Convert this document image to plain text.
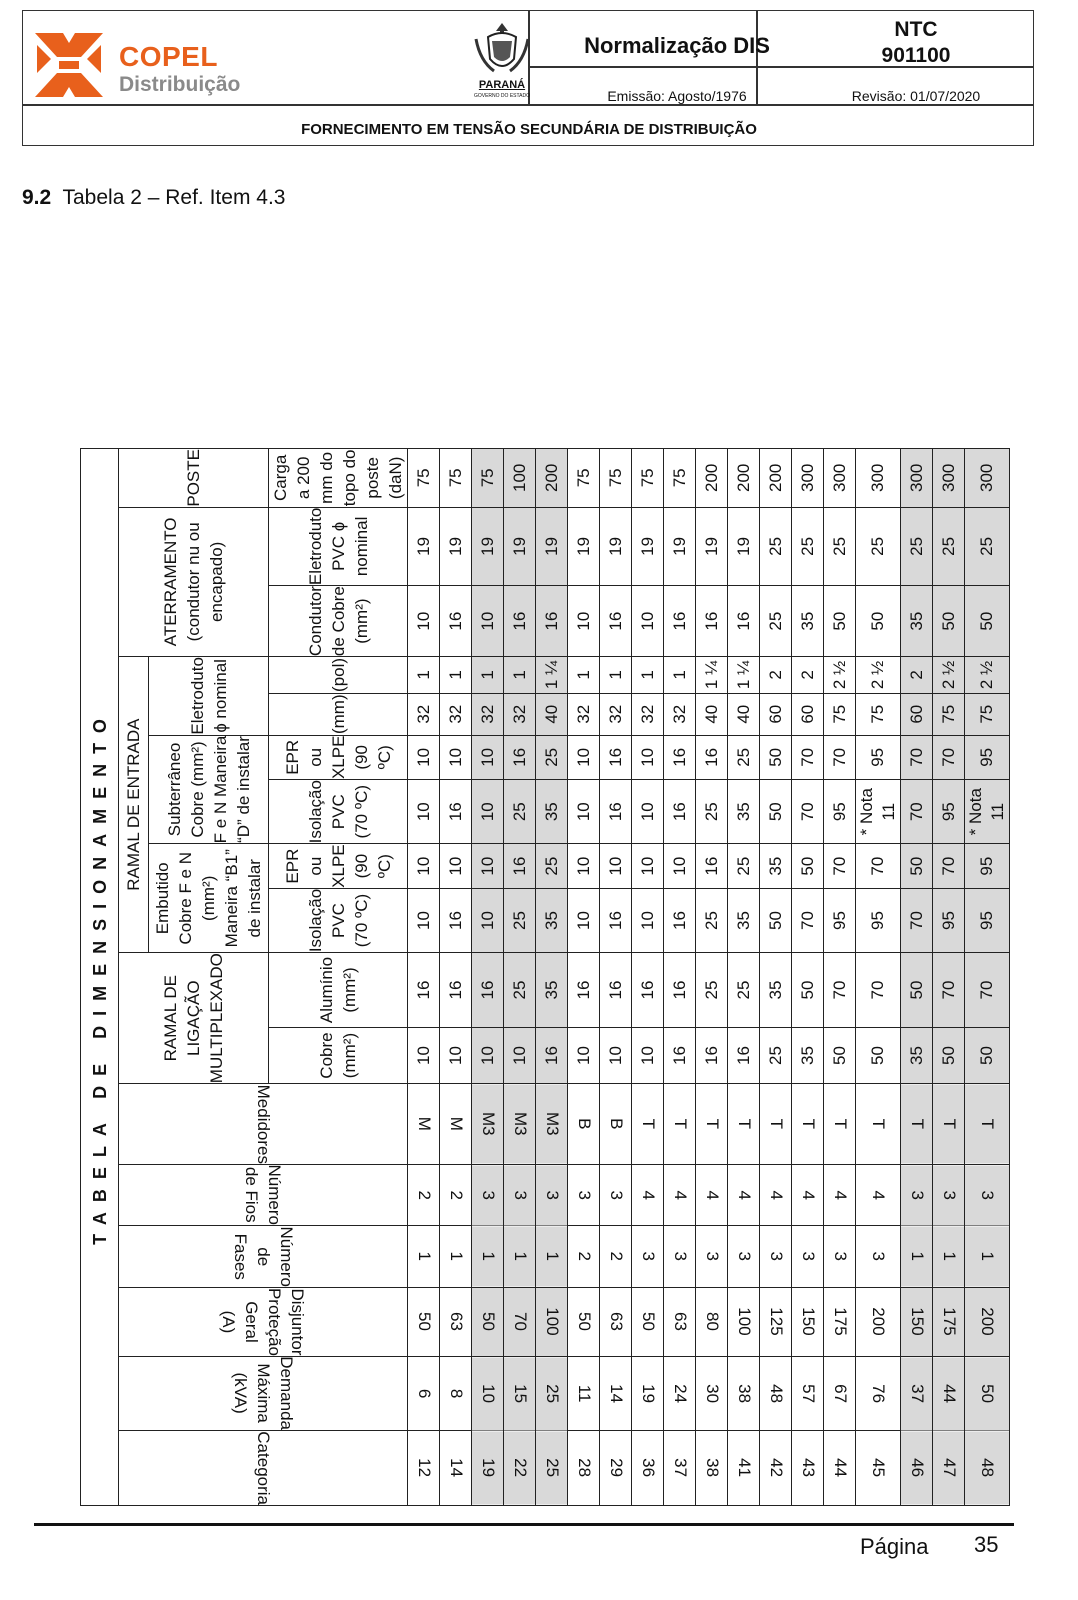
COPEL
Distribuição	PARANÁ
GOVERNO DO ESTADO
Normalização DIS
NTC
901100
Emissão: Agosto/1976	Revisão: 01/07/2020
FORNECIMENTO EM TENSÃO SECUNDÁRIA DE DISTRIBUIÇÃO
9.2 Tabela 2 – Ref. Item 4.3
TABELA DE DIMENSIONAMENTO																
Categoria	Demanda Máxima (kVA)	Disjuntor Proteção Geral (A)	Número de Fases	Número de Fios	Medidores	RAMAL DE LIGAÇÃO MULTIPLEXADO		RAMAL DE ENTRADA						ATERRAMENTO (condutor nu ou encapado)		POSTE
								Embutido Cobre F e N (mm²) Maneira “B1” de instalar		Subterrâneo Cobre (mm²) F e N Maneira “D” de instalar		Eletroduto ɸ nominal				
						Cobre (mm²)	Alumínio (mm²)	Isolação PVC (70 ºC)	EPR ou XLPE (90 ºC)	Isolação PVC (70 ºC)	EPR ou XLPE (90 ºC)	(mm)	(pol)	Condutor de Cobre (mm²)	Eletroduto PVC ɸ nominal	Carga a 200 mm do topo do poste (daN)
12	6	50	1	2	M	10	16	10	10	10	10	32	1	10	19	75
14	8	63	1	2	M	10	16	16	10	16	10	32	1	16	19	75
19	10	50	1	3	M3	10	16	10	10	10	10	32	1	10	19	75
22	15	70	1	3	M3	10	25	25	16	25	16	32	1	16	19	100
25	25	100	1	3	M3	16	35	35	25	35	25	40	1 ¼	16	19	200
28	11	50	2	3	B	10	16	10	10	10	10	32	1	10	19	75
29	14	63	2	3	B	10	16	16	10	16	16	32	1	16	19	75
36	19	50	3	4	T	10	16	10	10	10	10	32	1	10	19	75
37	24	63	3	4	T	16	16	16	10	16	16	32	1	16	19	75
38	30	80	3	4	T	16	25	25	16	25	16	40	1 ¼	16	19	200
41	38	100	3	4	T	16	25	35	25	35	25	40	1 ¼	16	19	200
42	48	125	3	4	T	25	35	50	35	50	50	60	2	25	25	200
43	57	150	3	4	T	35	50	70	50	70	70	60	2	35	25	300
44	67	175	3	4	T	50	70	95	70	95	70	75	2 ½	50	25	300
45	76	200	3	4	T	50	70	95	70	* Nota 11	95	75	2 ½	50	25	300
46	37	150	1	3	T	35	50	70	50	70	70	60	2	35	25	300
47	44	175	1	3	T	50	70	95	70	95	70	75	2 ½	50	25	300
48	50	200	1	3	T	50	70	95	95	* Nota 11	95	75	2 ½	50	25	300
Página 35
